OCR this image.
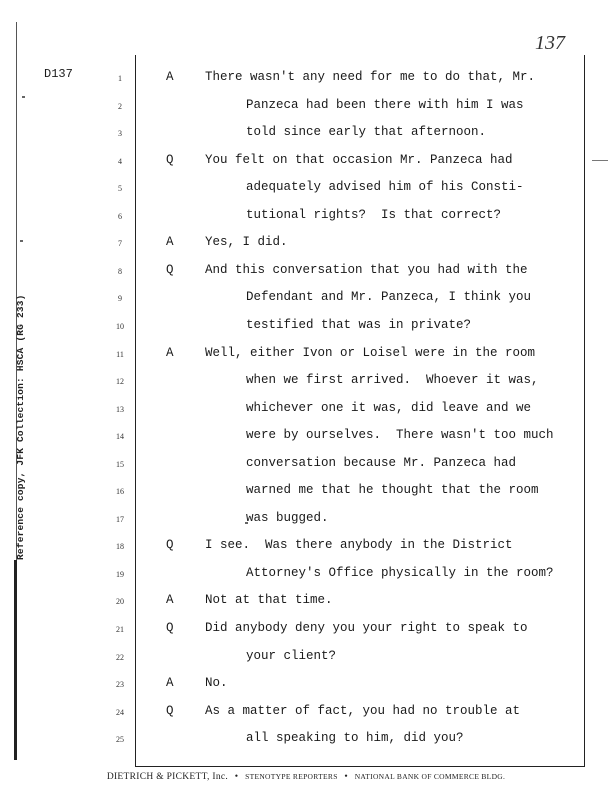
Reference copy, JFK Collection: HSCA (RG 233)
137
D137	1	A	There wasn't any need for me to do that, Mr.
2	Panzeca had been there with him I was
3	told since early that afternoon.
4	Q	You felt on that occasion Mr. Panzeca had
5	adequately advised him of his Consti-
6	tutional rights?  Is that correct?
7	A	Yes, I did.
8	Q	And this conversation that you had with the
9	Defendant and Mr. Panzeca, I think you
10	testified that was in private?
11	A	Well, either Ivon or Loisel were in the room
12	when we first arrived.  Whoever it was,
13	whichever one it was, did leave and we
14	were by ourselves.  There wasn't too much
15	conversation because Mr. Panzeca had
16	warned me that he thought that the room
17	was bugged.
18	Q	I see.  Was there anybody in the District
19	Attorney's Office physically in the room?
20	A	Not at that time.
21	Q	Did anybody deny you your right to speak to
22	your client?
23	A	No.
24	Q	As a matter of fact, you had no trouble at
25	all speaking to him, did you?
DIETRICH & PICKETT, Inc. • STENOTYPE REPORTERS • NATIONAL BANK OF COMMERCE BLDG.
